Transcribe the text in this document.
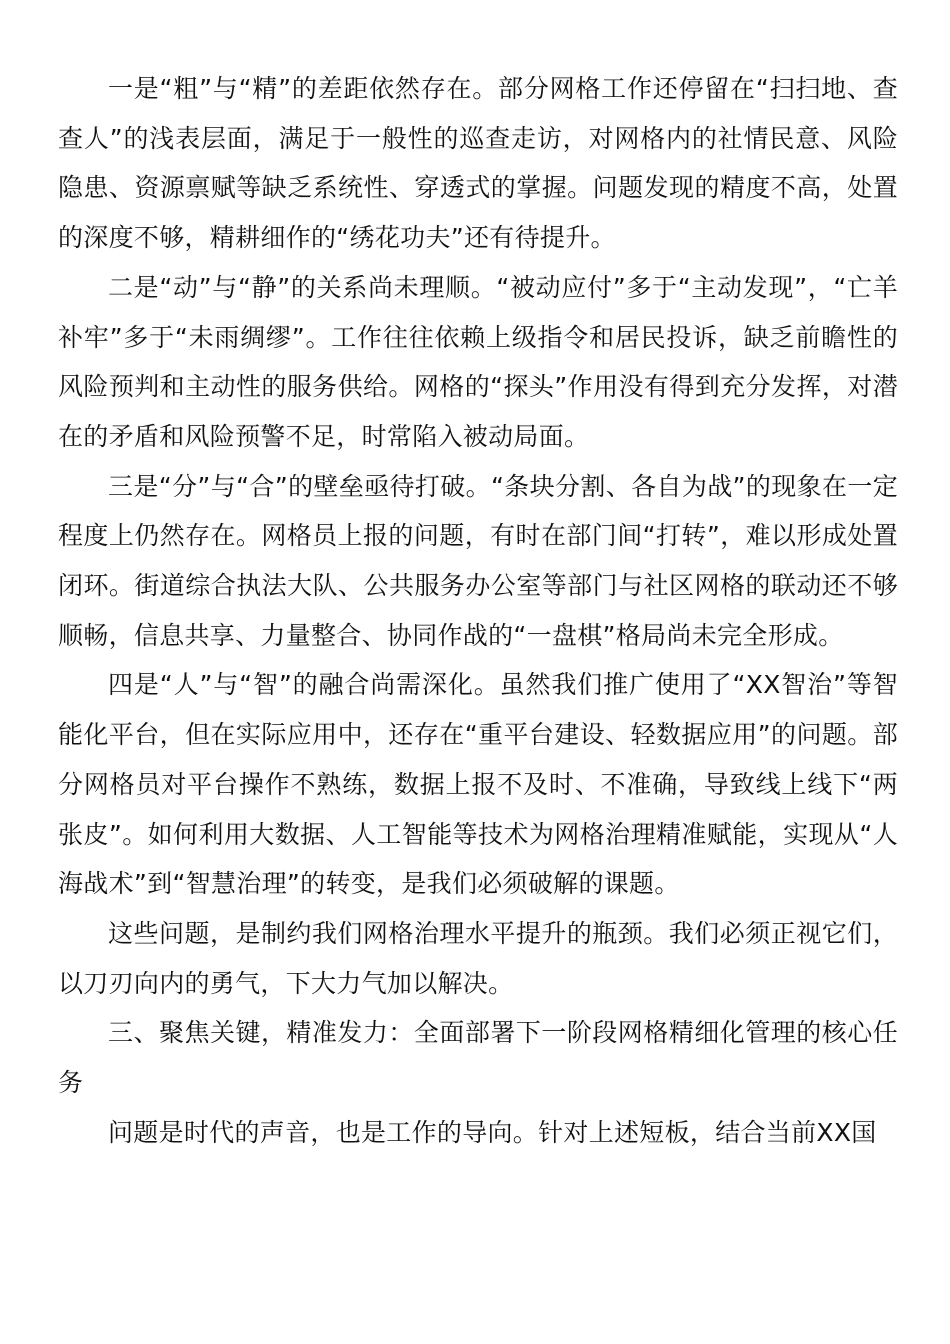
一是“粗”与“精”的差距依然存在。部分网格工作还停留在“扫扫地、查查人”的浅表层面，满足于一般性的巡查走访，对网格内的社情民意、风险隐患、资源禀赋等缺乏系统性、穿透式的掌握。问题发现的精度不高，处置的深度不够，精耕细作的“绣花功夫”还有待提升。

二是“动”与“静”的关系尚未理顺。“被动应付”多于“主动发现”，“亡羊补牢”多于“未雨绸缪”。工作往往依赖上级指令和居民投诉，缺乏前瞻性的风险预判和主动性的服务供给。网格的“探头”作用没有得到充分发挥，对潜在的矛盾和风险预警不足，时常陷入被动局面。

三是“分”与“合”的壁垒亟待打破。“条块分割、各自为战”的现象在一定程度上仍然存在。网格员上报的问题，有时在部门间“打转”，难以形成处置闭环。街道综合执法大队、公共服务办公室等部门与社区网格的联动还不够顺畅，信息共享、力量整合、协同作战的“一盘棋”格局尚未完全形成。

四是“人”与“智”的融合尚需深化。虽然我们推广使用了“XX智治”等智能化平台，但在实际应用中，还存在“重平台建设、轻数据应用”的问题。部分网格员对平台操作不熟练，数据上报不及时、不准确，导致线上线下“两张皮”。如何利用大数据、人工智能等技术为网格治理精准赋能，实现从“人海战术”到“智慧治理”的转变，是我们必须破解的课题。

这些问题，是制约我们网格治理水平提升的瓶颈。我们必须正视它们，以刀刃向内的勇气，下大力气加以解决。

三、聚焦关键，精准发力：全面部署下一阶段网格精细化管理的核心任务

问题是时代的声音，也是工作的导向。针对上述短板，结合当前XX国
